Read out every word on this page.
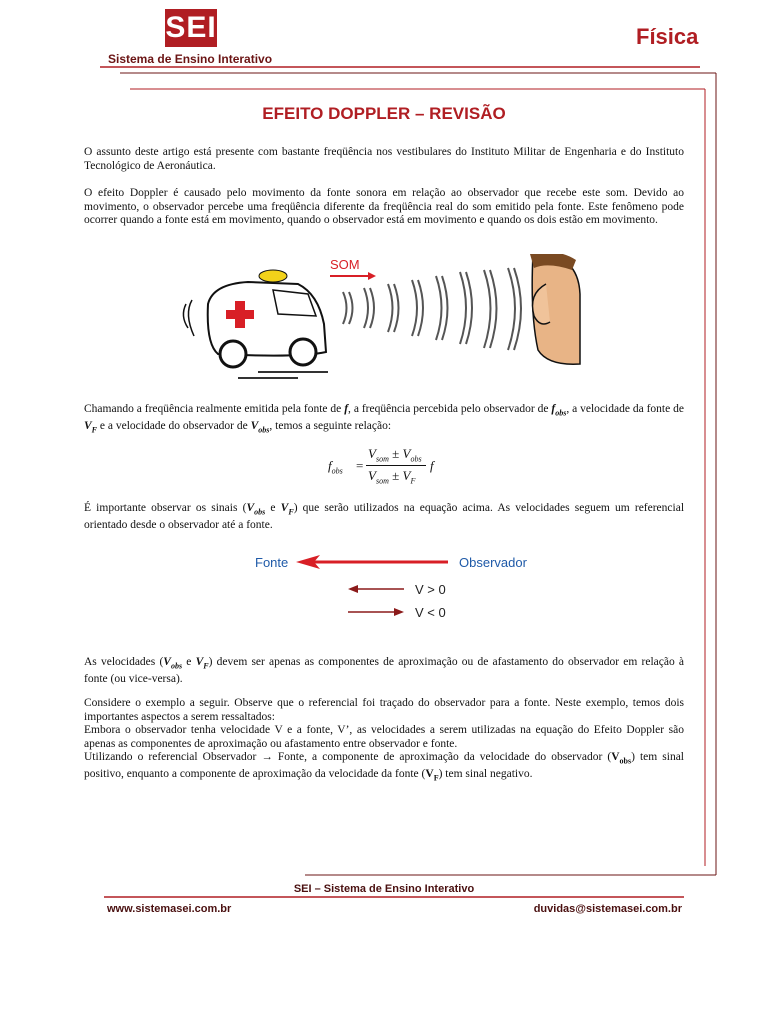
SEI
Sistema de Ensino Interativo
Física
EFEITO DOPPLER – REVISÃO
O assunto deste artigo está presente com bastante freqüência nos vestibulares do Instituto Militar de Engenharia e do Instituto Tecnológico de Aeronáutica.
O efeito Doppler é causado pelo movimento da fonte sonora em relação ao observador que recebe este som. Devido ao movimento, o observador percebe uma freqüência diferente da freqüência real do som emitido pela fonte. Este fenômeno pode ocorrer quando a fonte está em movimento, quando o observador está em movimento e quando os dois estão em movimento.
SOM
Chamando a freqüência realmente emitida pela fonte de f, a freqüência percebida pelo observador de $f_{obs}$, a velocidade da fonte de $V_F$ e a velocidade do observador de $V_{obs}$, temos a seguinte relação:
$f_{obs}$ =
$V_{som} \pm V_{obs}$
$V_{som} \pm V_F$
f
É importante observar os sinais ($V_{obs}$ e $V_F$) que serão utilizados na equação acima. As velocidades seguem um referencial orientado desde o observador até a fonte.
Fonte	Observador
V > 0
V < 0
As velocidades ($V_{obs}$ e $V_F$) devem ser apenas as componentes de aproximação ou de afastamento do observador em relação à fonte (ou vice-versa).
Considere o exemplo a seguir. Observe que o referencial foi traçado do observador para a fonte. Neste exemplo, temos dois importantes aspectos a serem ressaltados:
Embora o observador tenha velocidade V e a fonte, V’, as velocidades a serem utilizadas na equação do Efeito Doppler são apenas as componentes de aproximação ou afastamento entre observador e fonte.
Utilizando o referencial Observador → Fonte, a componente de aproximação da velocidade do observador $(V_{obs})$ tem sinal positivo, enquanto a componente de aproximação da velocidade da fonte $(V_F)$ tem sinal negativo.
SEI – Sistema de Ensino Interativo
www.sistemasei.com.br	duvidas@sistemasei.com.br
